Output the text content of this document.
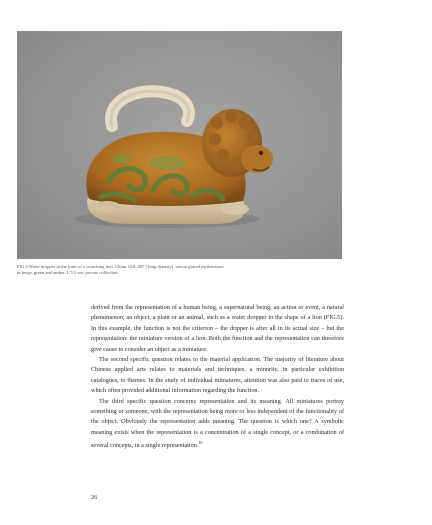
FIG.5 Water dropper in the form of a crouching lion, China, 618–907 (Tang dynasty), sancai glazed earthenware
in beige, green and amber, L 5.5 cm; private collection.

derived from the representation of a human being, a supernatural being, an action or event, a natural phenomenon, an object, a plant or an animal, such as a water dropper in the shape of a lion (FIG.5). In this example, the function is not the criterion – the dripper is after all in its actual size – but the representation: the miniature version of a lion. Both the function and the representation can therefore give cause to consider an object as a miniature.

The second specific question relates to the material application. The majority of literature about Chinese applied arts relates to materials and techniques, a minority, in particular exhibition catalogues, to themes. In the study of individual miniatures, attention was also paid to traces of use, which often provided additional information regarding the function.

The third specific question concerns representation and its meaning. All miniatures portray something or someone, with the representation being more or less independent of the functionality of the object. Obviously the representation adds meaning. The question is which one? A symbolic meaning exists when the representation is a concentration of a single concept, or a combination of several concepts, in a single representation.$^{10}$

26
